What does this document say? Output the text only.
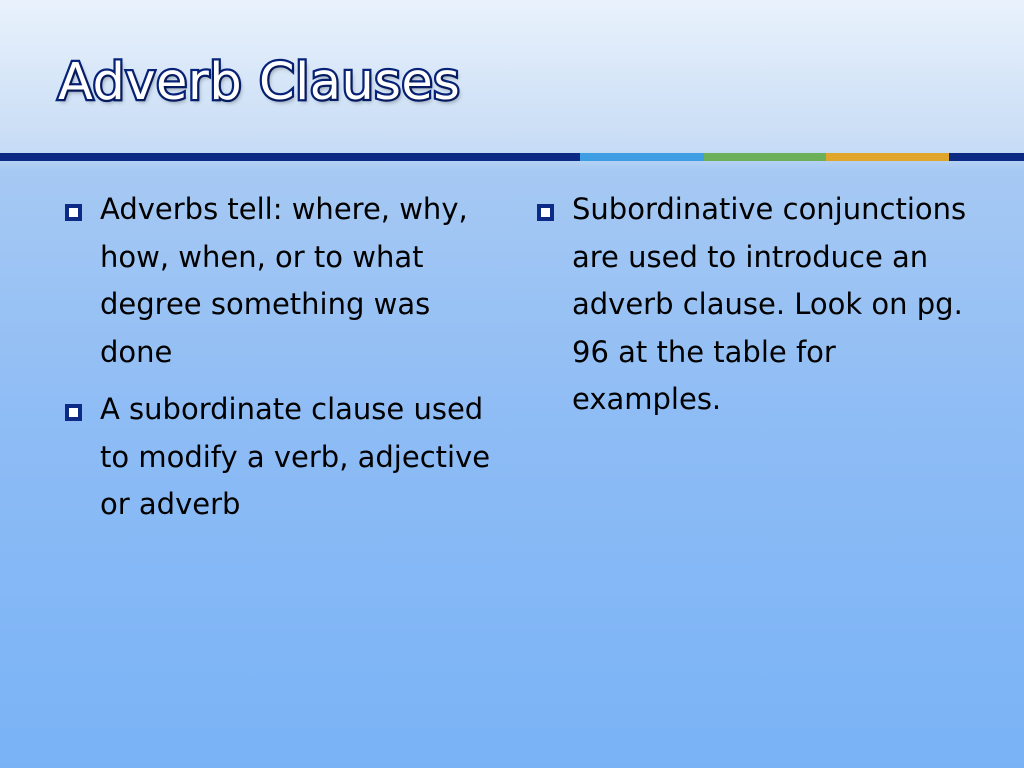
Adverb Clauses
Adverbs tell: where, why, how, when, or to what degree something was done
A subordinate clause used to modify a verb, adjective or adverb
Subordinative conjunctions are used to introduce an adverb clause. Look on pg. 96 at the table for examples.
